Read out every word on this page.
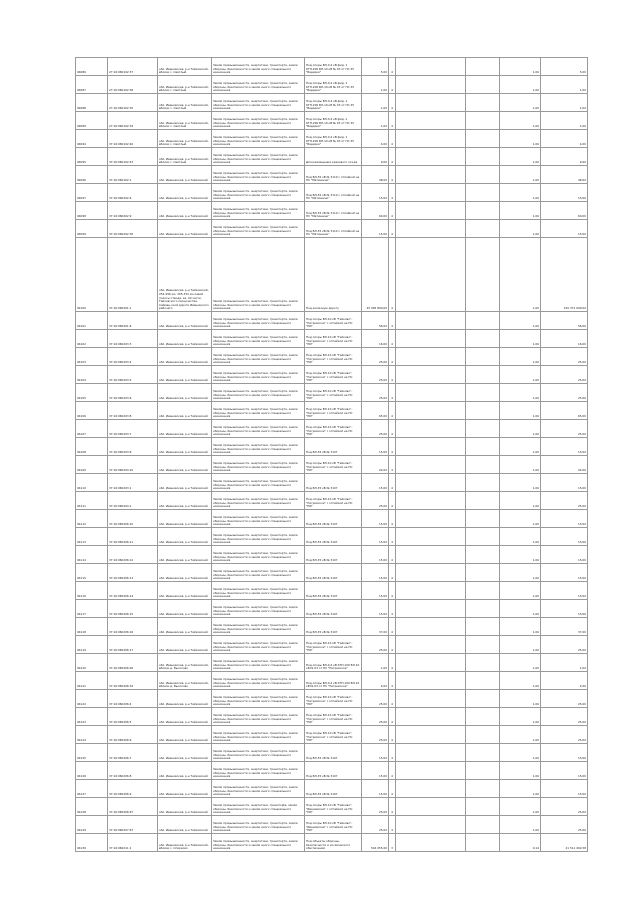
94086	27:16:060102:37	обл. Ивановская, р-н Тейковский, вблизи с. Светлый	Земли промышленности, энергетики, транспорта, земли обороны, безопасности и земли иного специального назначения	Под опоры ВЛ-0,4 кВ фид. 1 КТП-200 ВЛ-10 кВ № 03 от ПС 35 "Ведерки"	5,00	4			1,00	5,00
94087	27:16:060102:36	обл. Ивановская, р-н Тейковский, вблизи с. Светлый	Земли промышленности, энергетики, транспорта, земли обороны, безопасности и земли иного специального назначения	Под опоры ВЛ-0,4 кВ фид. 1 КТП-200 ВЛ-10 кВ № 03 от ПС 35 "Ведерки"	1,00	4			1,00	1,00
94088	27:16:060102:35	обл. Ивановская, р-н Тейковский, вблизи с. Светлый	Земли промышленности, энергетики, транспорта, земли обороны, безопасности и земли иного специального назначения	Под опоры ВЛ-0,4 кВ фид. 1 КТП-200 ВЛ-10 кВ № 03 от ПС 35 "Ведерки"	1,00	4			1,00	1,00
94089	27:16:060102:34	обл. Ивановская, р-н Тейковский, вблизи с. Светлый	Земли промышленности, энергетики, транспорта, земли обороны, безопасности и земли иного специального назначения	Под опоры ВЛ-0,4 кВ фид. 1 КТП-200 ВЛ-10 кВ № 03 от ПС 35 "Ведерки"	1,00	4			1,00	1,00
94094	37:16:060102:40	обл. Ивановская, р-н Тейковский, вблизи с. Светлый	Земли промышленности, энергетики, транспорта, земли обороны, безопасности и земли иного специального назначения	Под опоры ВЛ-0,4 кВ фид. 1 КТП-200 ВЛ-10 кВ № 03 от ПС 35 "Ведерки"	4,00	4			1,00	4,00
94095	37:16:060102:43	обл. Ивановская, р-н Тейковский, вблизи с. Светлый	Земли промышленности, энергетики, транспорта, земли обороны, безопасности и земли иного специального назначения	Для размещения кранового хоз-ва	9,00	4			1,00	9,00
94096	37:16:060102:1	обл. Ивановская, р-н Тейковский	Земли промышленности, энергетики, транспорта, земли обороны, безопасности и земли иного специального назначения	Под ВЛ-35 кВ № 3110 с отпайкой на ПС "Матюшино"	48,00	4			1,00	48,00
94097	37:16:060202:6	обл. Ивановская, р-н Тейковский	Земли промышленности, энергетики, транспорта, земли обороны, безопасности и земли иного специального назначения	Под ВЛ-35 кВ № 3110 с отпайкой на ПС "Матюшино"	15,00	4			1,00	15,00
94098	37:16:060202:9	обл. Ивановская, р-н Тейковский	Земли промышленности, энергетики, транспорта, земли обороны, безопасности и земли иного специального назначения	Под ВЛ-35 кВ № 3110 с отпайкой на ПС "Матюшино"	60,00	4			1,00	60,00
94099	37:16:060202:30	обл. Ивановская, р-н Тейковский	Земли промышленности, энергетики, транспорта, земли обороны, безопасности и земли иного специального назначения	Под ВЛ-35 кВ № 3110 с отпайкой на ПС "Матюшино"	15,00	4			1,00	15,00
94100	37:16:060201:1	обл. Ивановская, р-н Тейковский, 254-296 км, 305-334 км левой полосы отвода, кв. 40 части. Тейковского лесничества. Сайман-ской дороги Ивановского рабочего	Земли промышленности, энергетики, транспорта, земли обороны, безопасности и земли иного специального назначения	Под железную дорогу	45 095 800,00	4			1,00	150 371 000,00
94101	37:16:060201:6	обл. Ивановская, р-н Тейковский	Земли промышленности, энергетики, транспорта, земли обороны, безопасности и земли иного специального назначения	Под опоры ВЛ-10 кВ "Тейково"-"Петровское" с отпайкой на ПС "ПИ"	56,00	4			1,00	56,00
94102	37:16:060203:3	обл. Ивановская, р-н Тейковский	Земли промышленности, энергетики, транспорта, земли обороны, безопасности и земли иного специального назначения	Под опоры ВЛ-10 кВ "Тейково"-"Петровское" с отпайкой на ПС "ПИ"	16,00	4			1,00	16,00
94103	37:16:060203:4	обл. Ивановская, р-н Тейковский	Земли промышленности, энергетики, транспорта, земли обороны, безопасности и земли иного специального назначения	Под опоры ВЛ-10 кВ "Тейково"-"Петровское" с отпайкой на ПС "ПИ"	25,00	4			1,00	25,00
94104	37:16:060203:5	обл. Ивановская, р-н Тейковский	Земли промышленности, энергетики, транспорта, земли обороны, безопасности и земли иного специального назначения	Под опоры ВЛ-10 кВ "Тейково"-"Петровское" с отпайкой на ПС "ПИ"	25,00	4			1,00	25,00
94105	37:16:060203:6	обл. Ивановская, р-н Тейковский	Земли промышленности, энергетики, транспорта, земли обороны, безопасности и земли иного специального назначения	Под опоры ВЛ-10 кВ "Тейково"-"Петровское" с отпайкой на ПС "ПИ"	25,00	4			1,00	25,00
94106	37:16:060203:8	обл. Ивановская, р-н Тейковский	Земли промышленности, энергетики, транспорта, земли обороны, безопасности и земли иного специального назначения	Под опоры ВЛ-10 кВ "Тейково"-"Петровское" с отпайкой на ПС "ПИ"	65,00	4			1,00	65,00
94107	37:16:060203:7	обл. Ивановская, р-н Тейковский	Земли промышленности, энергетики, транспорта, земли обороны, безопасности и земли иного специального назначения	Под опоры ВЛ-10 кВ "Тейково"-"Петровское" с отпайкой на ПС "ПИ"	25,00	4			1,00	25,00
94108	37:16:060203:8	обл. Ивановская, р-н Тейковский	Земли промышленности, энергетики, транспорта, земли обороны, безопасности и земли иного специального назначения	Под ВЛ-35 кВ № 3107	15,00	4			1,00	15,00
94109	37:16:060204:10	обл. Ивановская, р-н Тейковский	Земли промышленности, энергетики, транспорта, земли обороны, безопасности и земли иного специального назначения	Под опоры ВЛ-10 кВ "Тейково"-"Петровское" с отпайкой на ПС "ПИ"	24,00	4			1,00	24,00
94110	37:16:060203:1	обл. Ивановская, р-н Тейковский	Земли промышленности, энергетики, транспорта, земли обороны, безопасности и земли иного специального назначения	Под ВЛ-35 кВ № 3107	15,00	4			1,00	15,00
94111	37:16:060204:1	обл. Ивановская, р-н Тейковский	Земли промышленности, энергетики, транспорта, земли обороны, безопасности и земли иного специального назначения	Под опоры ВЛ-10 кВ "Тейково"-"Петровское" с отпайкой на ПС "ПИ"	25,00	4			1,00	25,00
94112	37:16:060206:10	обл. Ивановская, р-н Тейковский	Земли промышленности, энергетики, транспорта, земли обороны, безопасности и земли иного специального назначения	Под ВЛ-35 кВ № 3107	15,00	4			1,00	15,00
94113	37:16:060206:11	обл. Ивановская, р-н Тейковский	Земли промышленности, энергетики, транспорта, земли обороны, безопасности и земли иного специального назначения	Под ВЛ-35 кВ № 3107	15,00	4			1,00	15,00
94114	37:16:060206:12	обл. Ивановская, р-н Тейковский	Земли промышленности, энергетики, транспорта, земли обороны, безопасности и земли иного специального назначения	Под ВЛ-35 кВ № 3107	15,00	4			1,00	15,00
94115	37:16:060206:13	обл. Ивановская, р-н Тейковский	Земли промышленности, энергетики, транспорта, земли обороны, безопасности и земли иного специального назначения	Под ВЛ-35 кВ № 3107	15,00	4			1,00	15,00
94116	37:16:060206:14	обл. Ивановская, р-н Тейковский	Земли промышленности, энергетики, транспорта, земли обороны, безопасности и земли иного специального назначения	Под ВЛ-35 кВ № 3107	15,00	4			1,00	15,00
94117	37:16:060206:15	обл. Ивановская, р-н Тейковский	Земли промышленности, энергетики, транспорта, земли обороны, безопасности и земли иного специального назначения	Под ВЛ-35 кВ № 3107	15,00	4			1,00	15,00
94118	37:16:060206:16	обл. Ивановская, р-н Тейковский	Земли промышленности, энергетики, транспорта, земли обороны, безопасности и земли иного специального назначения	Под ВЛ-35 кВ № 3107	37,00	4			1,00	37,00
94119	37:16:060206:17	обл. Ивановская, р-н Тейковский	Земли промышленности, энергетики, транспорта, земли обороны, безопасности и земли иного специального назначения	Под опоры ВЛ-10 кВ "Тейково"-"Петровское" с отпайкой на ПС "ПИ"	25,00	4			1,00	25,00
94120	37:16:060206:26	обл. Ивановская, р-н Тейковский, вблизи д. Высоково	Земли промышленности, энергетики, транспорта, земли обороны, безопасности и земли иного специального назначения	Под опоры ВЛ-0,4 кВ КТП-100 ВЛ-10 кВ № 03 от ПС "Петровское"	1,00	4			1,00	1,00
94121	37:16:060206:34	обл. Ивановская, р-н Тейковский, вблизи д. Высоково	Земли промышленности, энергетики, транспорта, земли обороны, безопасности и земли иного специального назначения	Под опоры ВЛ-0,4 кВ КТП-100 ВЛ-10 кВ № 03 от ПС "Петровское"	2,00	4			1,00	2,00
94122	37:16:060206:4	обл. Ивановская, р-н Тейковский	Земли промышленности, энергетики, транспорта, земли обороны, безопасности и земли иного специального назначения	Под опоры ВЛ-10 кВ "Тейково"-"Петровское" с отпайкой на ПС "ПИ"	25,00	4			1,00	25,00
94123	37:16:060206:5	обл. Ивановская, р-н Тейковский	Земли промышленности, энергетики, транспорта, земли обороны, безопасности и земли иного специального назначения	Под опоры ВЛ-10 кВ "Тейково"-"Петровское" с отпайкой на ПС "ПИ"	25,00	4			1,00	25,00
94124	37:16:060206:6	обл. Ивановская, р-н Тейковский	Земли промышленности, энергетики, транспорта, земли обороны, безопасности и земли иного специального назначения	Под опоры ВЛ-10 кВ "Тейково"-"Петровское" с отпайкой на ПС "ПИ"	25,00	4			1,00	25,00
94125	37:16:060206:7	обл. Ивановская, р-н Тейковский	Земли промышленности, энергетики, транспорта, земли обороны, безопасности и земли иного специального назначения	Под ВЛ-35 кВ № 3107	15,00	4			1,00	15,00
94126	37:16:060206:8	обл. Ивановская, р-н Тейковский	Земли промышленности, энергетики, транспорта, земли обороны, безопасности и земли иного специального назначения	Под ВЛ-35 кВ № 3107	15,00	4			1,00	15,00
94127	37:16:060206:9	обл. Ивановская, р-н Тейковский	Земли промышленности, энергетики, транспорта, земли обороны, безопасности и земли иного специального назначения	Под ВЛ-35 кВ № 3107	15,00	4			1,00	15,00
94128	37:16:060206:67	обл. Ивановская, р-н Тейковский	Земли промышленности, энергетики, транспорta, земли обороны, безопасности и земли иного специального назначения	Под опоры ВЛ-10 кВ "Тейково"-"Ивановская" с отпайкой на ПС "ПИ"	25,00	4			1,00	25,00
94129	37:16:060207:67	обл. Ивановская, р-н Тейковский	Земли промышленности, энергетики, транспорта, земли обороны, безопасности и земли иного специального назначения	Под опоры ВЛ-10 кВ "Тейково"-"Ивановская" с отпайкой на ПС "ПИ"	25,00	4			1,00	25,00
94130	37:16:060211:1	обл. Ивановская, р-н Тейковский, вблизи с. Спирково	Земли промышленности, энергетики, транспорта, земли обороны, безопасности и земли иного специального назначения	Под объекты обороны, безопасности и космического обеспечения	516 055,00	3			0,14	21 511 402,58
